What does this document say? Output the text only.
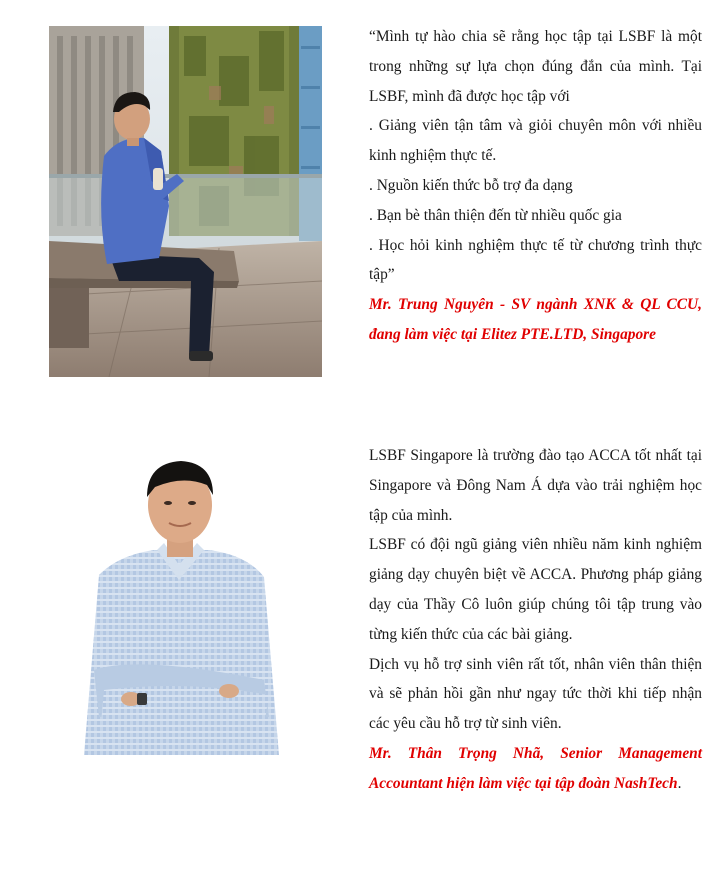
“Mình tự hào chia sẽ rằng học tập tại LSBF là một trong những sự lựa chọn đúng đắn của mình. Tại LSBF, mình đã được học tập với

. Giảng viên tận tâm và giỏi chuyên môn với nhiều kinh nghiệm thực tế.

. Nguồn kiến thức bỗ trợ đa dạng

. Bạn bè thân thiện đến từ nhiều quốc gia

. Học hỏi kinh nghiệm thực tế từ chương trình thực tập”

Mr. Trung Nguyên - SV ngành XNK & QL CCU, đang làm việc tại Elitez PTE.LTD, Singapore

LSBF Singapore là trường đào tạo ACCA tốt nhất tại Singapore và Đông Nam Á dựa vào trải nghiệm học tập của mình.

LSBF có đội ngũ giảng viên nhiều năm kinh nghiệm giảng dạy chuyên biệt về ACCA. Phương pháp giảng dạy của Thầy Cô luôn giúp chúng tôi tập trung vào từng kiến thức của các bài giảng.

Dịch vụ hỗ trợ sinh viên rất tốt, nhân viên thân thiện và sẽ phản hồi gần như ngay tức thời khi tiếp nhận các yêu cầu hỗ trợ từ sinh viên.

Mr. Thân Trọng Nhã, Senior Management Accountant hiện làm việc tại tập đoàn NashTech.
